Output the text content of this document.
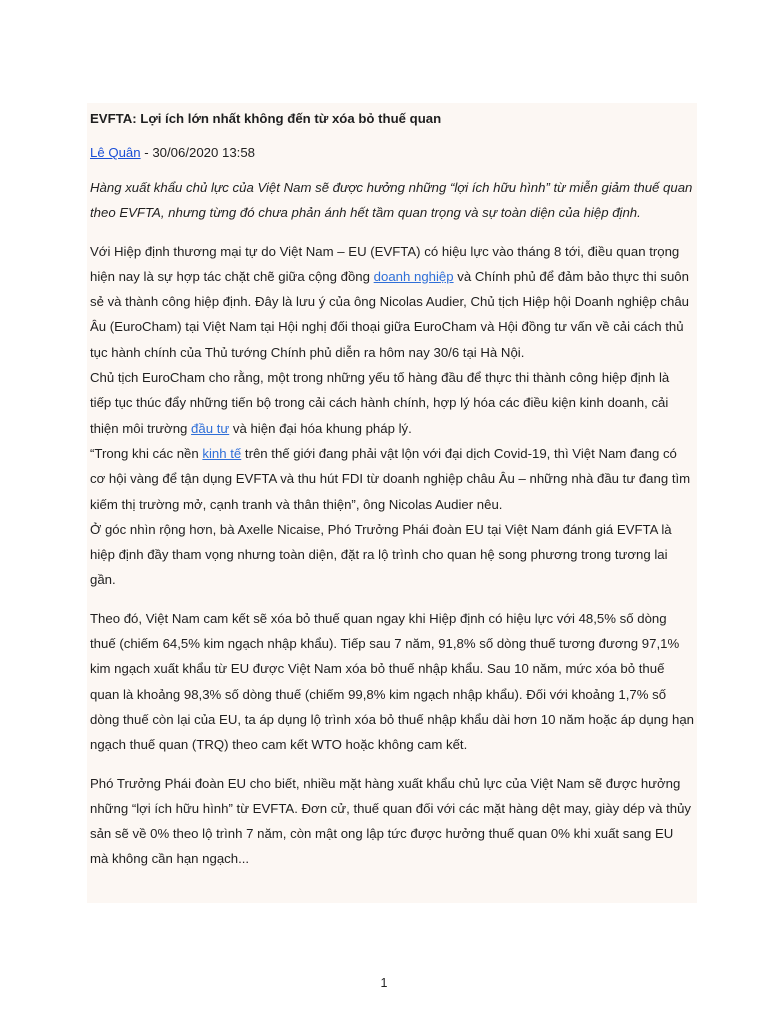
EVFTA: Lợi ích lớn nhất không đến từ xóa bỏ thuế quan

Lê Quân - 30/06/2020 13:58

Hàng xuất khẩu chủ lực của Việt Nam sẽ được hưởng những “lợi ích hữu hình” từ miễn giảm thuế quan theo EVFTA, nhưng từng đó chưa phản ánh hết tầm quan trọng và sự toàn diện của hiệp định.

Với Hiệp định thương mại tự do Việt Nam – EU (EVFTA) có hiệu lực vào tháng 8 tới, điều quan trọng hiện nay là sự hợp tác chặt chẽ giữa cộng đồng doanh nghiệp và Chính phủ để đảm bảo thực thi suôn sẻ và thành công hiệp định. Đây là lưu ý của ông Nicolas Audier, Chủ tịch Hiệp hội Doanh nghiệp châu Âu (EuroCham) tại Việt Nam tại Hội nghị đối thoại giữa EuroCham và Hội đồng tư vấn về cải cách thủ tục hành chính của Thủ tướng Chính phủ diễn ra hôm nay 30/6 tại Hà Nội.

Chủ tịch EuroCham cho rằng, một trong những yếu tố hàng đầu để thực thi thành công hiệp định là tiếp tục thúc đẩy những tiến bộ trong cải cách hành chính, hợp lý hóa các điều kiện kinh doanh, cải thiện môi trường đầu tư và hiện đại hóa khung pháp lý.

“Trong khi các nền kinh tế trên thế giới đang phải vật lộn với đại dịch Covid-19, thì Việt Nam đang có cơ hội vàng để tận dụng EVFTA và thu hút FDI từ doanh nghiệp châu Âu – những nhà đầu tư đang tìm kiếm thị trường mở, cạnh tranh và thân thiện”, ông Nicolas Audier nêu.

Ở góc nhìn rộng hơn, bà Axelle Nicaise, Phó Trưởng Phái đoàn EU tại Việt Nam đánh giá EVFTA là hiệp định đầy tham vọng nhưng toàn diện, đặt ra lộ trình cho quan hệ song phương trong tương lai gần.

Theo đó, Việt Nam cam kết sẽ xóa bỏ thuế quan ngay khi Hiệp định có hiệu lực với 48,5% số dòng thuế (chiếm 64,5% kim ngạch nhập khẩu). Tiếp sau 7 năm, 91,8% số dòng thuế tương đương 97,1% kim ngạch xuất khẩu từ EU được Việt Nam xóa bỏ thuế nhập khẩu. Sau 10 năm, mức xóa bỏ thuế quan là khoảng 98,3% số dòng thuế (chiếm 99,8% kim ngạch nhập khẩu). Đối với khoảng 1,7% số dòng thuế còn lại của EU, ta áp dụng lộ trình xóa bỏ thuế nhập khẩu dài hơn 10 năm hoặc áp dụng hạn ngạch thuế quan (TRQ) theo cam kết WTO hoặc không cam kết.

Phó Trưởng Phái đoàn EU cho biết, nhiều mặt hàng xuất khẩu chủ lực của Việt Nam sẽ được hưởng những “lợi ích hữu hình” từ EVFTA. Đơn cử, thuế quan đối với các mặt hàng dệt may, giày dép và thủy sản sẽ về 0% theo lộ trình 7 năm, còn mật ong lập tức được hưởng thuế quan 0% khi xuất sang EU mà không cần hạn ngạch...

1
